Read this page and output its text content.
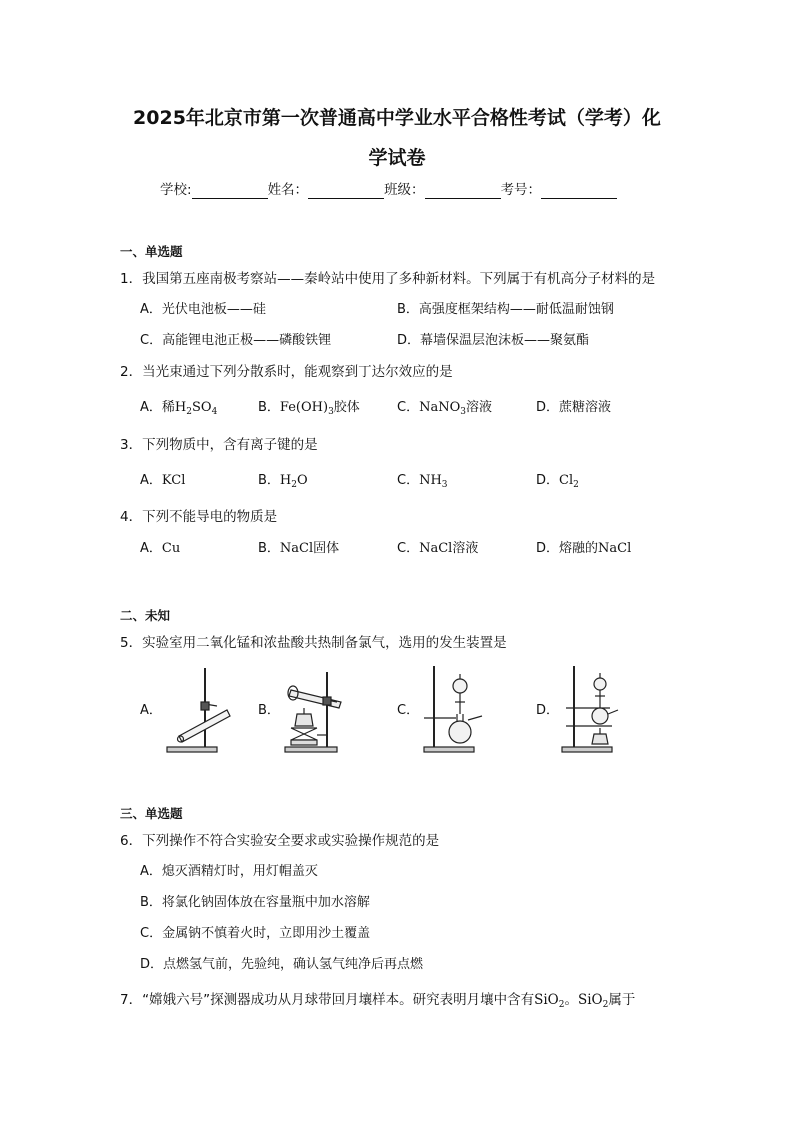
2025年北京市第一次普通高中学业水平合格性考试（学考）化
学试卷
学校:	姓名：	班级：	考号：
一、单选题
1．我国第五座南极考察站——秦岭站中使用了多种新材料。下列属于有机高分子材料的是
A．光伏电池板——硅	B．高强度框架结构——耐低温耐蚀钢
C．高能锂电池正极——磷酸铁锂	D．幕墙保温层泡沫板——聚氨酯
2．当光束通过下列分散系时，能观察到丁达尔效应的是
A．稀$H_2SO_4$	B．$Fe(OH)_3$胶体	C．NaNO$_3$溶液	D．蔗糖溶液
3．下列物质中，含有离子键的是
A．KCl	B．$H_2O$	C．$NH_3$	D．$Cl_2$
4．下列不能导电的物质是
A．Cu	B．NaCl固体	C．NaCl溶液	D．熔融的NaCl
二、未知
5．实验室用二氧化锰和浓盐酸共热制备氯气，选用的发生装置是
A．	B．	C．	D．
三、单选题
6．下列操作不符合实验安全要求或实验操作规范的是
A．熄灭酒精灯时，用灯帽盖灭
B．将氯化钠固体放在容量瓶中加水溶解
C．金属钠不慎着火时，立即用沙土覆盖
D．点燃氢气前，先验纯，确认氢气纯净后再点燃
7．“嫦娥六号”探测器成功从月球带回月壤样本。研究表明月壤中含有SiO$_2$。SiO$_2$属于
